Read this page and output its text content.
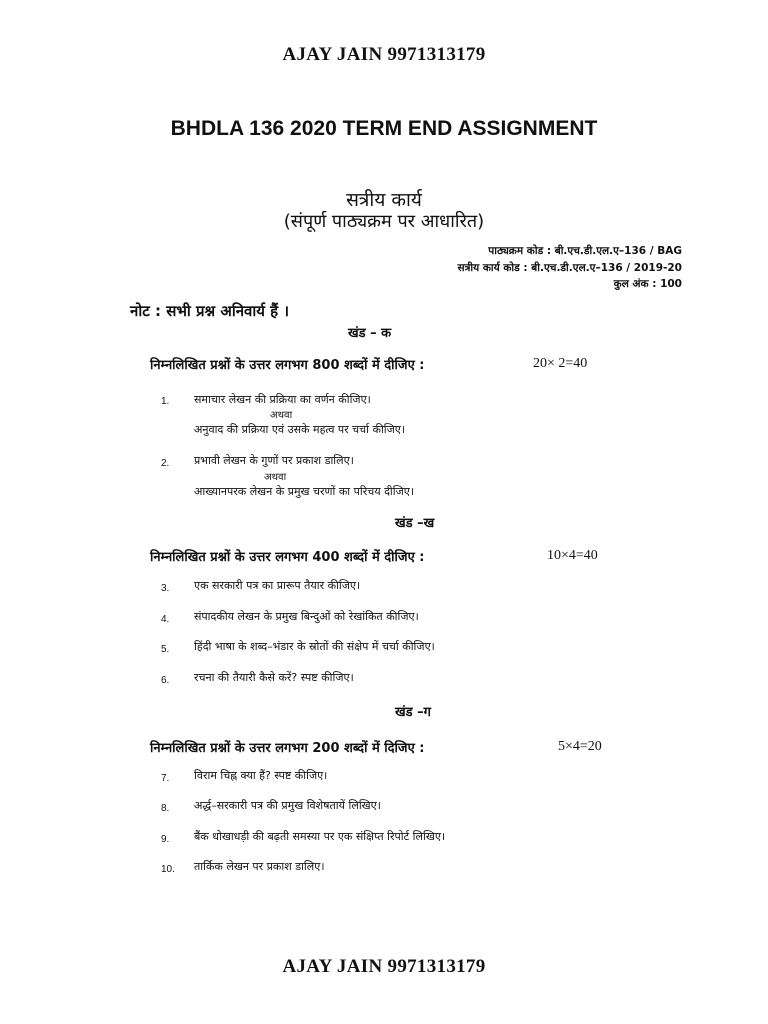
AJAY JAIN 9971313179
BHDLA 136 2020 TERM END ASSIGNMENT
सत्रीय कार्य
(संपूर्ण पाठ्यक्रम पर आधारित)
पाठ्यक्रम कोड : बी.एच.डी.एल.ए–136 / BAG
सत्रीय कार्य कोड : बी.एच.डी.एल.ए–136 / 2019-20
कुल अंक : 100
नोट : सभी प्रश्न अनिवार्य हैं ।
खंड – क
निम्नलिखित प्रश्नों के उत्तर लगभग 800 शब्दों में दीजिए :	20× 2=40
1. समाचार लेखन की प्रक्रिया का वर्णन कीजिए।
अथवा
अनुवाद की प्रक्रिया एवं उसके महत्व पर चर्चा कीजिए।
2. प्रभावी लेखन के गुणों पर प्रकाश डालिए।
अथवा
आख्यानपरक लेखन के प्रमुख चरणों का परिचय दीजिए।
खंड –ख
निम्नलिखित प्रश्नों के उत्तर लगभग 400 शब्दों में दीजिए :	10×4=40
3. एक सरकारी पत्र का प्रारूप तैयार कीजिए।
4. संपादकीय लेखन के प्रमुख बिन्दुओं को रेखांकित कीजिए।
5. हिंदी भाषा के शब्द–भंडार के स्रोतों की संक्षेप में चर्चा कीजिए।
6. रचना की तैयारी कैसे करें? स्पष्ट कीजिए।
खंड –ग
निम्नलिखित प्रश्नों के उत्तर लगभग 200 शब्दों में दिजिए :	5×4=20
7. विराम चिह्न क्या हैं? स्पष्ट कीजिए।
8. अर्द्ध–सरकारी पत्र की प्रमुख विशेषतायें लिखिए।
9. बैंक धोखाधड़ी की बढ़ती समस्या पर एक संक्षिप्त रिपोर्ट लिखिए।
10. तार्किक लेखन पर प्रकाश डालिए।
AJAY JAIN 9971313179
